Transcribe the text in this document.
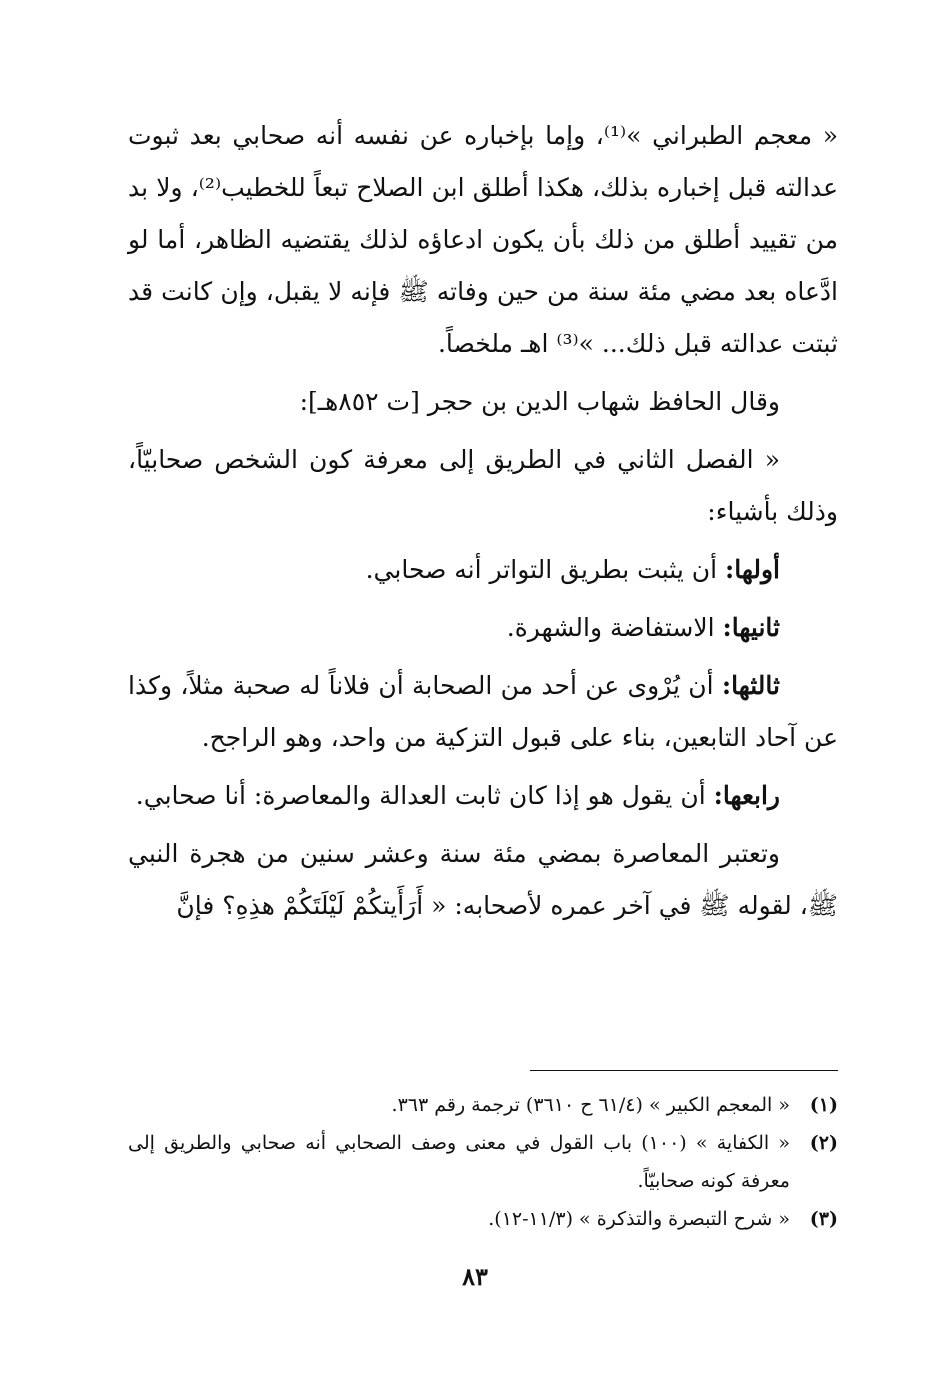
« معجم الطبراني »⁽¹⁾، وإما بإخباره عن نفسه أنه صحابي بعد ثبوت عدالته قبل إخباره بذلك، هكذا أطلق ابن الصلاح تبعاً للخطيب⁽²⁾، ولا بد من تقييد أطلق من ذلك بأن يكون ادعاؤه لذلك يقتضيه الظاهر، أما لو ادَّعاه بعد مضي مئة سنة من حين وفاته ﷺ فإنه لا يقبل، وإن كانت قد ثبتت عدالته قبل ذلك... »⁽³⁾ اهـ ملخصاً.

وقال الحافظ شهاب الدين بن حجر [ت ٨٥٢هـ]:

« الفصل الثاني في الطريق إلى معرفة كون الشخص صحابيّاً، وذلك بأشياء:

أولها: أن يثبت بطريق التواتر أنه صحابي.

ثانيها: الاستفاضة والشهرة.

ثالثها: أن يُرْوى عن أحد من الصحابة أن فلاناً له صحبة مثلاً، وكذا عن آحاد التابعين، بناء على قبول التزكية من واحد، وهو الراجح.

رابعها: أن يقول هو إذا كان ثابت العدالة والمعاصرة: أنا صحابي.

وتعتبر المعاصرة بمضي مئة سنة وعشر سنين من هجرة النبي ﷺ، لقوله ﷺ في آخر عمره لأصحابه: « أَرَأَيتكُمْ لَيْلَتَكُمْ هذِهِ؟ فإنَّ

(١)« المعجم الكبير » (٦١/٤ ح ٣٦١٠) ترجمة رقم ٣٦٣.

(٢)« الكفاية » (١٠٠) باب القول في معنى وصف الصحابي أنه صحابي والطريق إلى معرفة كونه صحابيّاً.

(٣)« شرح التبصرة والتذكرة » (١١/٣-١٢).

٨٣
